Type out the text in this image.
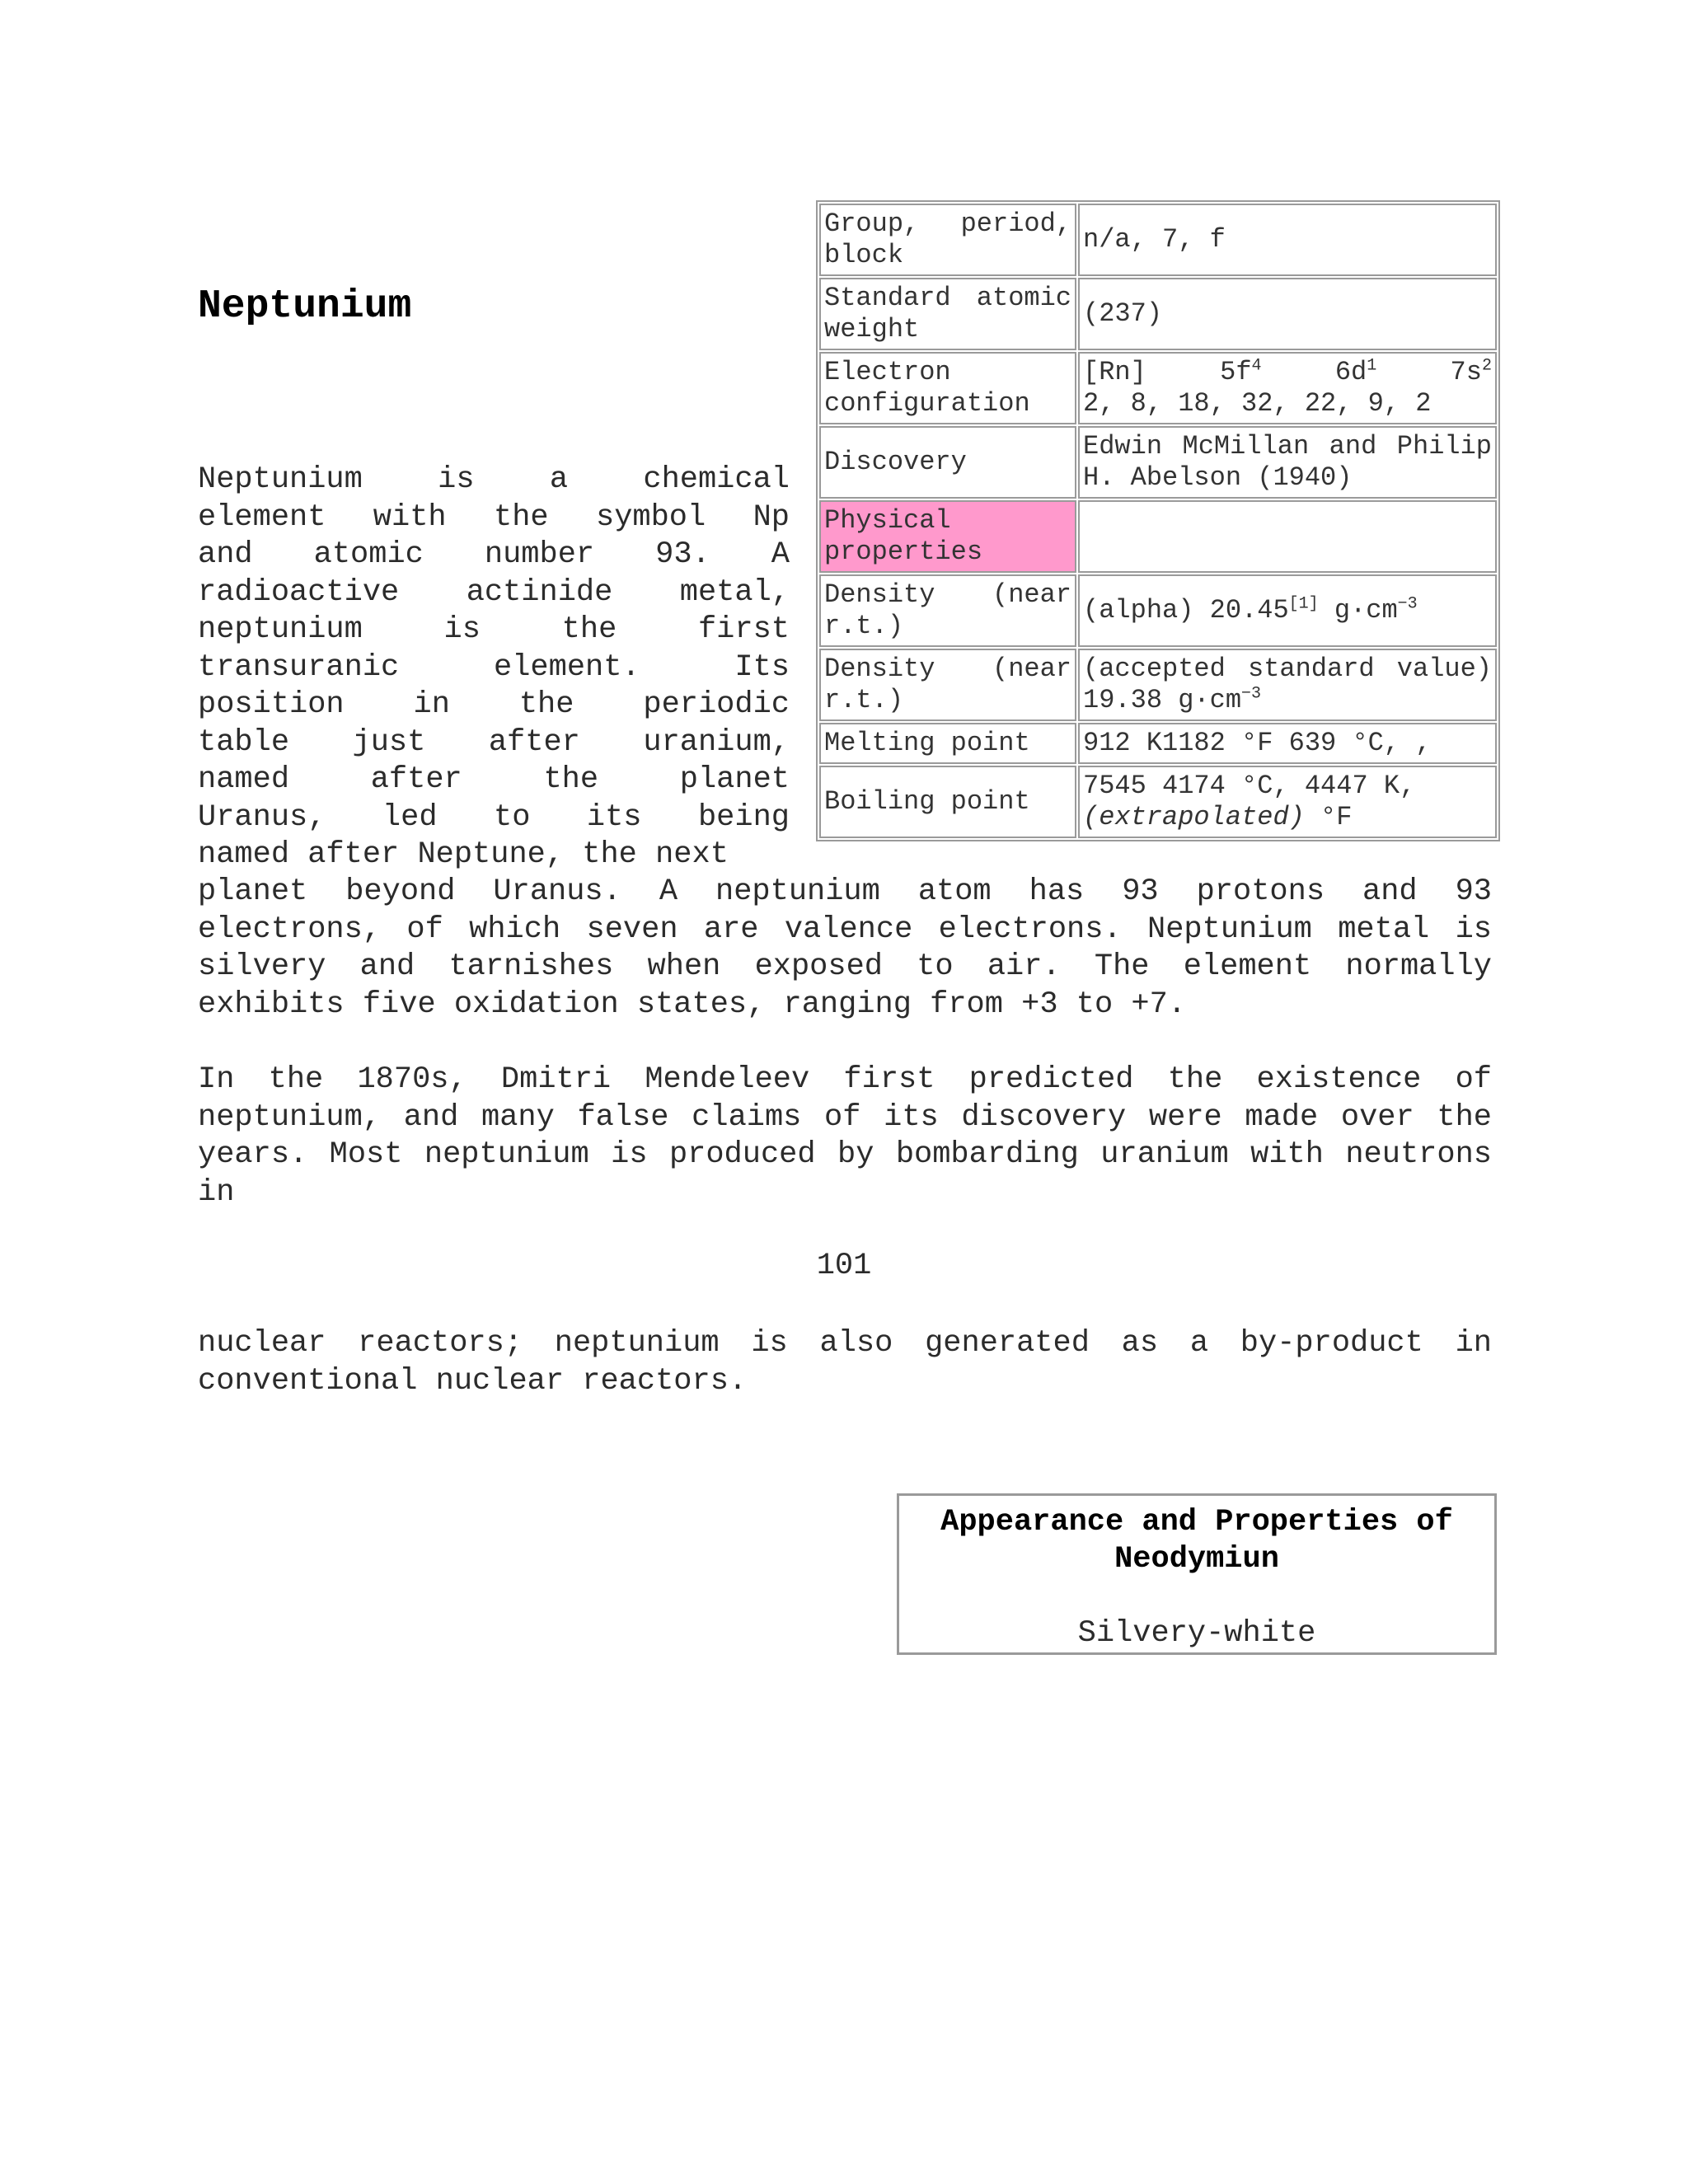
Neptunium
Group, period, block	n/a, 7, f
Standard atomic weight	(237)
Electron configuration	[Rn] $5f^4$ $6d^1$ $7s^2$
2, 8, 18, 32, 22, 9, 2

Discovery	Edwin McMillan and Philip H. Abelson (1940)
Physical properties	
Density (near r.t.)	(alpha) 20.45[1] $g\cdot cm^{-3}$
Density (near r.t.)	(accepted standard value) 19.38 $g\cdot cm^{-3}$
Melting point	912 K1182 °F 639 °C, ,
Boiling point	7545 4174 °C, 4447 K,
(extrapolated) °F
Neptunium is a chemical
element with the symbol Np
and atomic number 93. A
radioactive actinide metal,
neptunium is the first
transuranic element. Its
position in the periodic
table just after uranium,
named after the planet
Uranus, led to its being
named after Neptune, the next
planet beyond Uranus. A neptunium atom has 93 protons and 93 electrons, of which seven are valence electrons. Neptunium metal is silvery and tarnishes when exposed to air. The element normally exhibits five oxidation states, ranging from +3 to +7.
In the 1870s, Dmitri Mendeleev first predicted the existence of neptunium, and many false claims of its discovery were made over the years. Most neptunium is produced by bombarding uranium with neutrons in
101
nuclear reactors; neptunium is also generated as a by-product in conventional nuclear reactors.
Appearance and Properties of Neodymiun
Silvery-white
